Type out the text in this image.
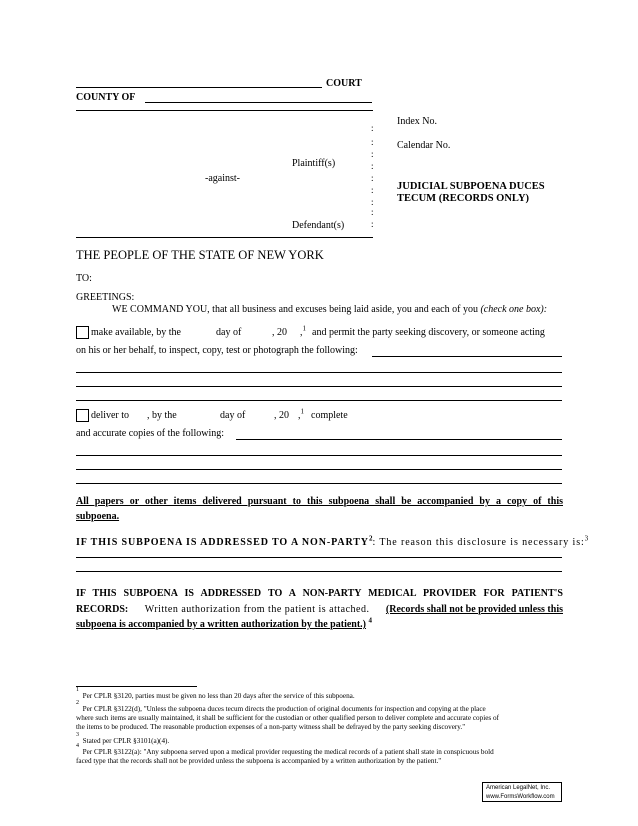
COURT
COUNTY OF
:
:
:
:
:
:
:
:
:
Index No.
Calendar No.
Plaintiff(s)
-against-
JUDICIAL SUBPOENA DUCES
TECUM (RECORDS ONLY)
Defendant(s)
THE PEOPLE OF THE STATE OF NEW YORK
TO:
GREETINGS:
WE COMMAND YOU, that all business and excuses being laid aside, you and each of you (check one box):
make available, by the	day of	, 20 ,$^1$ and permit the party seeking discovery, or someone acting
on his or her behalf, to inspect, copy, test or photograph the following:
deliver to , by the	day of	, 20 ,$^1$ complete
and accurate copies of the following:
All papers or other items delivered pursuant to this subpoena shall be accompanied by a copy of this
subpoena.
IF THIS SUBPOENA IS ADDRESSED TO A NON-PARTY$^2$: The reason this disclosure is necessary is:$^3$
IF THIS SUBPOENA IS ADDRESSED TO A NON-PARTY MEDICAL PROVIDER FOR PATIENT'S
RECORDS: Written authorization from the patient is attached. (Records shall not be provided unless this
subpoena is accompanied by a written authorization by the patient.) $^4$
$^1$  Per CPLR §3120, parties must be given no less than 20 days after the service of this subpoena.
$^2$  Per CPLR §3122(d), "Unless the subpoena duces tecum directs the production of original documents for inspection and copying at the place
where such items are usually maintained, it shall be sufficient for the custodian or other qualified person to deliver complete and accurate copies of
the items to be produced. The reasonable production expenses of a non-party witness shall be defrayed by the party seeking discovery."
$^3$  Stated per CPLR §3101(a)(4).
$^4$  Per CPLR §3122(a): "Any subpoena served upon a medical provider requesting the medical records of a patient shall state in conspicuous bold
faced type that the records shall not be provided unless the subpoena is accompanied by a written authorization by the patient."
American LegalNet, Inc.
www.FormsWorkflow.com
